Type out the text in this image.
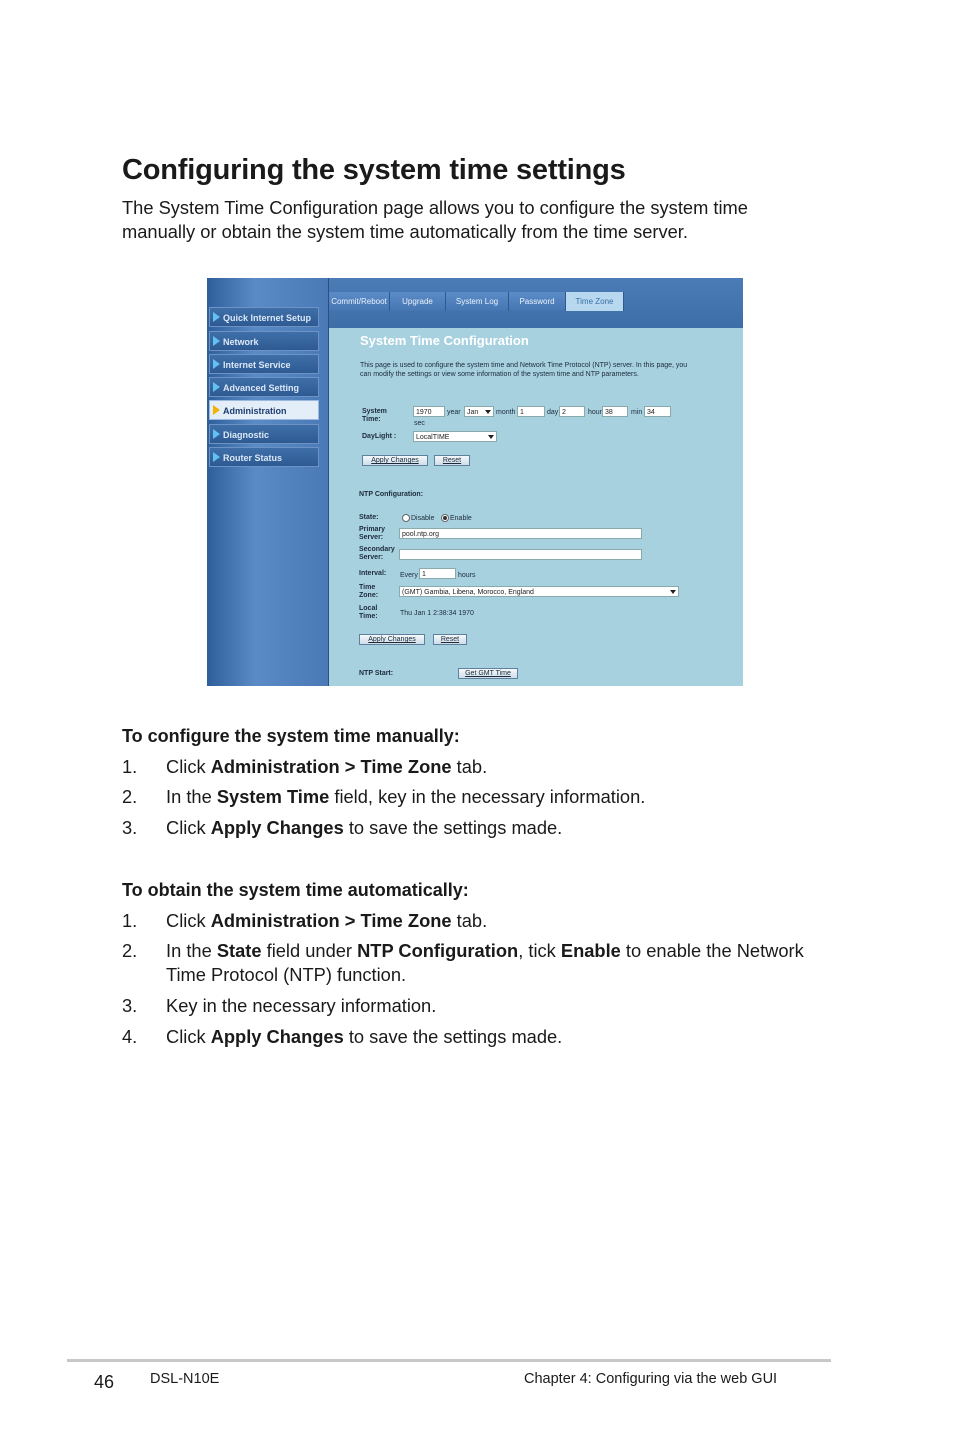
Configuring the system time settings

The System Time Configuration page allows you to configure the system time manually or obtain the system time automatically from the time server.

Quick Internet Setup
Network
Internet Service
Advanced Setting
Administration
Diagnostic
Router Status
Commit/Reboot	Upgrade	System Log	Password	Time Zone
System Time Configuration
This page is used to configure the system time and Network Time Protocol (NTP) server. In this page, you can modify the settings or view some information of the system time and NTP parameters.
System
Time:
1970	year Jan	month 1	day 2	hour 38	min 34
sec
DayLight :	LocalTIME
Apply Changes	Reset
NTP Configuration:
State:	Disable Enable
Primary
Server:	pool.ntp.org
Secondary
Server:
Interval: Every 1	hours
Time
Zone:	(GMT) Gambia, Libena, Morocco, England
Local
Time:	Thu Jan 1 2:38:34 1970
Apply Changes	Reset
NTP Start:	Get GMT Time
To configure the system time manually:
1. Click Administration > Time Zone tab.
2. In the System Time field, key in the necessary information.
3. Click Apply Changes to save the settings made.
To obtain the system time automatically:
1. Click Administration > Time Zone tab.
2. In the State field under NTP Configuration, tick Enable to enable the Network Time Protocol (NTP) function.
3. Key in the necessary information.
4. Click Apply Changes to save the settings made.
46 DSL-N10E	Chapter 4: Configuring via the web GUI
